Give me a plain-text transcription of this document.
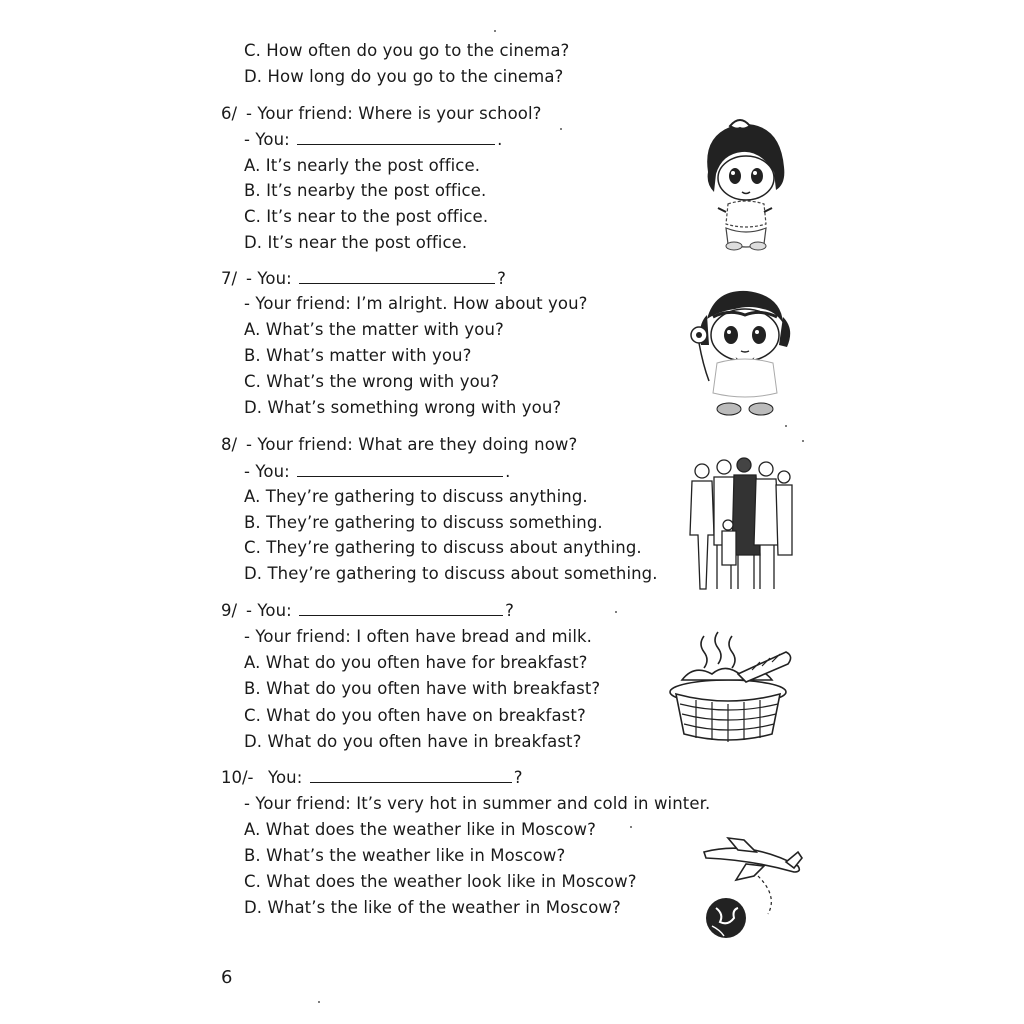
C. How often do you go to the cinema?
D. How long do you go to the cinema?
6/ - Your friend: Where is your school?
- You:	.
A. It’s nearly the post office.
B. It’s nearby the post office.
C. It’s near to the post office.
D. It’s near the post office.
7/ - You:	?
- Your friend: I’m alright. How about you?
A. What’s the matter with you?
B. What’s matter with you?
C. What’s the wrong with you?
D. What’s something wrong with you?
8/ - Your friend: What are they doing now?
- You:	.
A. They’re gathering to discuss anything.
B. They’re gathering to discuss something.
C. They’re gathering to discuss about anything.
D. They’re gathering to discuss about something.
9/ - You:	?
- Your friend: I often have bread and milk.
A. What do you often have for breakfast?
B. What do you often have with breakfast?
C. What do you often have on breakfast?
D. What do you often have in breakfast?
10/- You:	?
- Your friend: It’s very hot in summer and cold in winter.
A. What does the weather like in Moscow?
B. What’s the weather like in Moscow?
C. What does the weather look like in Moscow?
D. What’s the like of the weather in Moscow?
6
